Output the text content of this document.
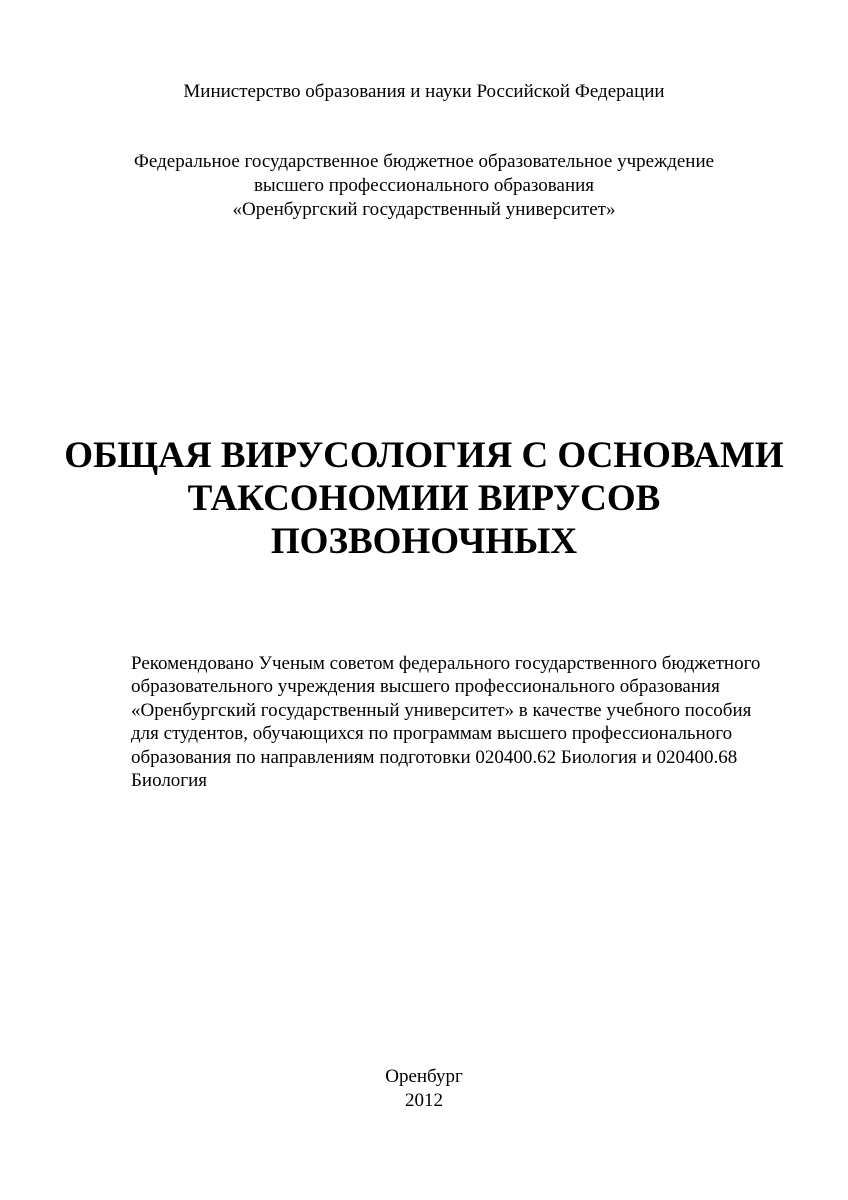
Министерство образования и науки Российской Федерации
Федеральное государственное бюджетное образовательное учреждение
высшего профессионального образования
«Оренбургский государственный университет»
ОБЩАЯ ВИРУСОЛОГИЯ С ОСНОВАМИ
ТАКСОНОМИИ ВИРУСОВ
ПОЗВОНОЧНЫХ
Рекомендовано Ученым советом федерального государственного бюджетного
образовательного учреждения высшего профессионального образования
«Оренбургский государственный университет» в качестве учебного пособия
для студентов, обучающихся по программам высшего профессионального
образования по направлениям подготовки 020400.62 Биология и 020400.68
Биология
Оренбург
2012
